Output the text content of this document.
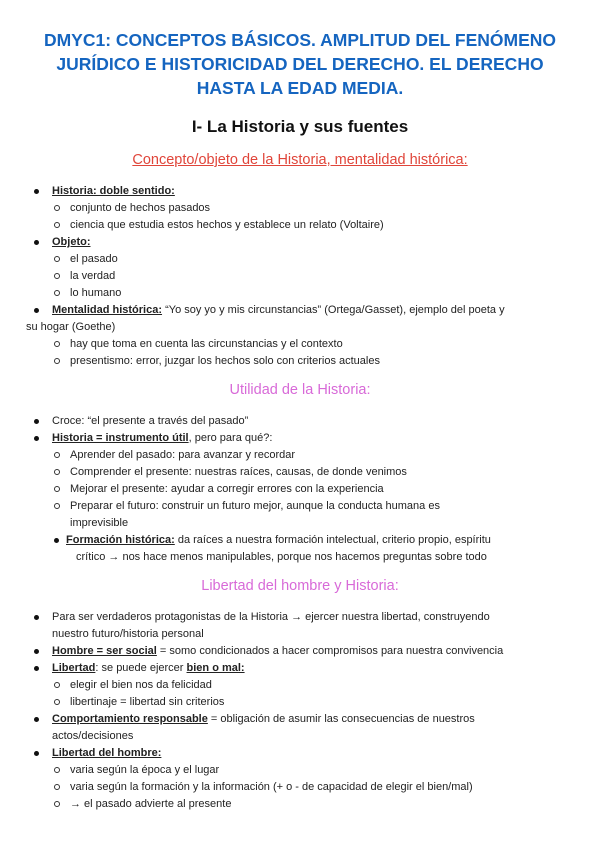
DMYC1: CONCEPTOS BÁSICOS. AMPLITUD DEL FENÓMENO
JURÍDICO E HISTORICIDAD DEL DERECHO. EL DERECHO
HASTA LA EDAD MEDIA.
I- La Historia y sus fuentes
Concepto/objeto de la Historia, mentalidad histórica:
Historia: doble sentido:
conjunto de hechos pasados
ciencia que estudia estos hechos y establece un relato (Voltaire)
Objeto:
el pasado
la verdad
lo humano
Mentalidad histórica: “Yo soy yo y mis circunstancias” (Ortega/Gasset), ejemplo del poeta y
su hogar (Goethe)
hay que toma en cuenta las circunstancias y el contexto
presentismo: error, juzgar los hechos solo con criterios actuales
Utilidad de la Historia:
Croce: “el presente a través del pasado”
Historia = instrumento útil, pero para qué?:
Aprender del pasado: para avanzar y recordar
Comprender el presente: nuestras raíces, causas, de donde venimos
Mejorar el presente: ayudar a corregir errores con la experiencia
Preparar el futuro: construir un futuro mejor, aunque la conducta humana es
imprevisible
Formación histórica: da raíces a nuestra formación intelectual, criterio propio, espíritu
crítico → nos hace menos manipulables, porque nos hacemos preguntas sobre todo
Libertad del hombre y Historia:
Para ser verdaderos protagonistas de la Historia → ejercer nuestra libertad, construyendo
nuestro futuro/historia personal
Hombre = ser social = somo condicionados a hacer compromisos para nuestra convivencia
Libertad: se puede ejercer bien o mal:
elegir el bien nos da felicidad
libertinaje = libertad sin criterios
Comportamiento responsable = obligación de asumir las consecuencias de nuestros
actos/decisiones
Libertad del hombre:
varia según la época y el lugar
varia según la formación y la información (+ o - de capacidad de elegir el bien/mal)
→ el pasado advierte al presente
